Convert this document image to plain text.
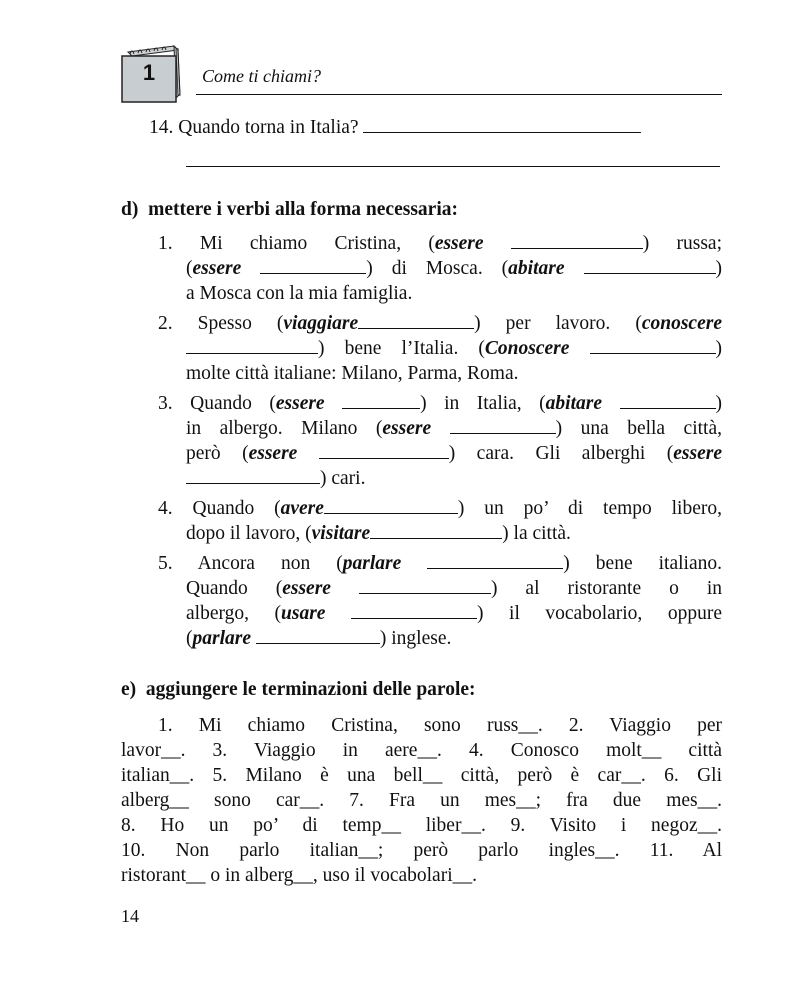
1	Come ti chiami?
14. Quando torna in Italia?
d) mettere i verbi alla forma necessaria:
1. Mi chiamo Cristina, (essere	) russa;
(essere	) di Mosca. (abitare	)
a Mosca con la mia famiglia.
2. Spesso (viaggiare	) per lavoro. (conoscere
) bene l’Italia. (Conoscere	)
molte città italiane: Milano, Parma, Roma.
3. Quando (essere	) in Italia, (abitare	)
in albergo. Milano (essere	) una bella città,
però (essere	) cara. Gli alberghi (essere
) cari.
4. Quando (avere	) un po’ di tempo libero,
dopo il lavoro, (visitare	) la città.
5. Ancora non (parlare	) bene italiano.
Quando (essere	) al ristorante o in
albergo, (usare	) il vocabolario, oppure
(parlare	) inglese.
e) aggiungere le terminazioni delle parole:
1. Mi chiamo Cristina, sono russ__. 2. Viaggio per
lavor__. 3. Viaggio in aere__. 4. Conosco molt__ città
italian__. 5. Milano è una bell__ città, però è car__. 6. Gli
alberg__ sono car__. 7. Fra un mes__; fra due mes__.
8. Ho un po’ di temp__ liber__. 9. Visito i negoz__.
10. Non parlo italian__; però parlo ingles__. 11. Al
ristorant__ o in alberg__, uso il vocabolari__.
14
